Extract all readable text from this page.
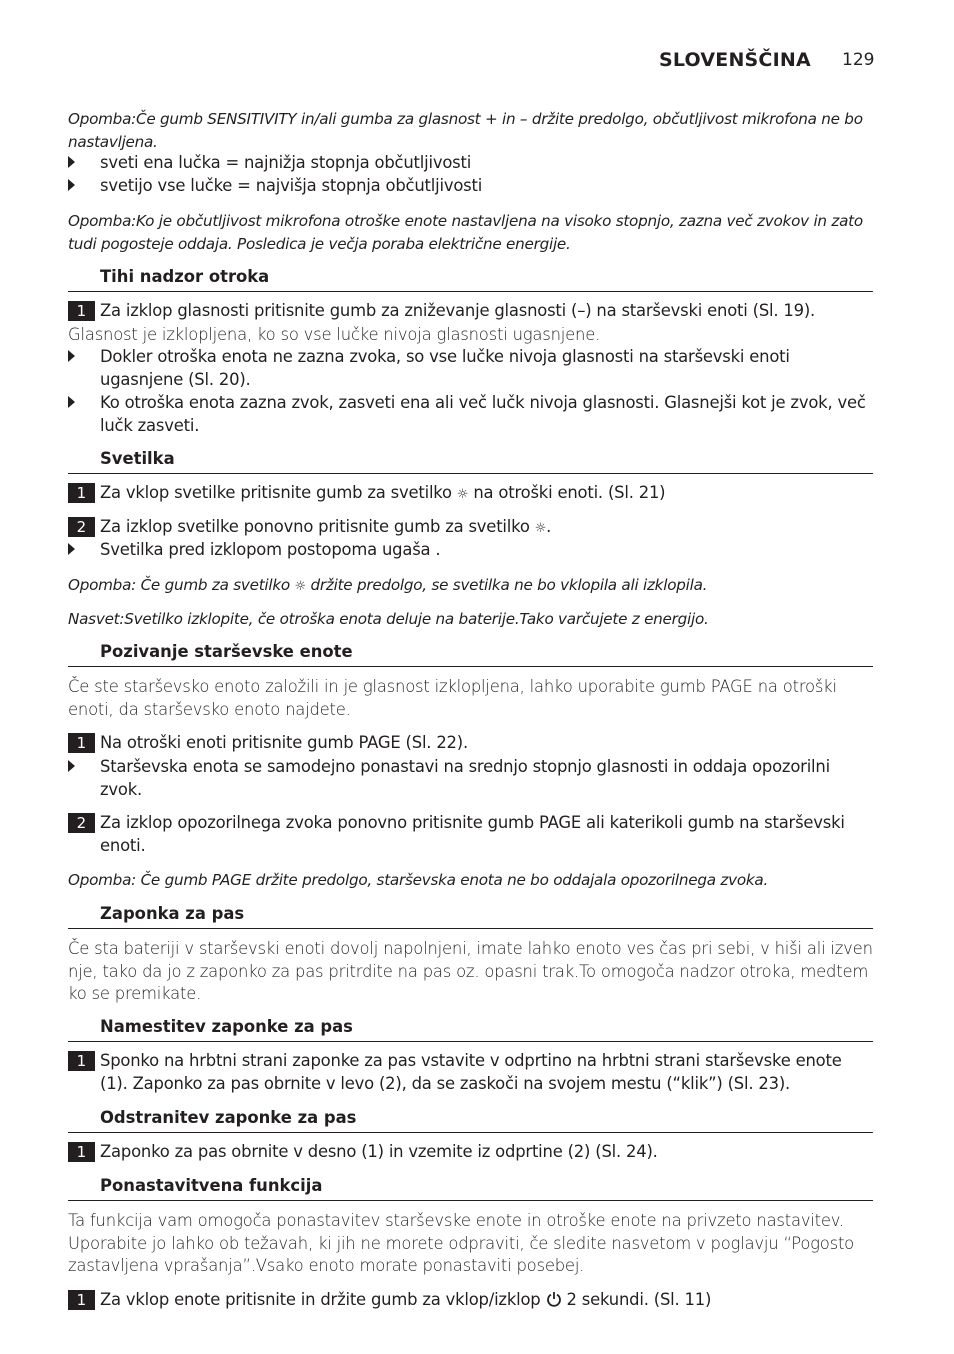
SLOVENŠČINA 129
Opomba:Če gumb SENSITIVITY in/ali gumba za glasnost + in – držite predolgo, občutljivost mikrofona ne bo nastavljena.
sveti ena lučka = najnižja stopnja občutljivosti
svetijo vse lučke = najvišja stopnja občutljivosti
Opomba:Ko je občutljivost mikrofona otroške enote nastavljena na visoko stopnjo, zazna več zvokov in zato tudi pogosteje oddaja. Posledica je večja poraba električne energije.
Tihi nadzor otroka
1 Za izklop glasnosti pritisnite gumb za zniževanje glasnosti (–) na starševski enoti (Sl. 19).
Glasnost je izklopljena, ko so vse lučke nivoja glasnosti ugasnjene.
Dokler otroška enota ne zazna zvoka, so vse lučke nivoja glasnosti na starševski enoti ugasnjene (Sl. 20).
Ko otroška enota zazna zvok, zasveti ena ali več lučk nivoja glasnosti. Glasnejši kot je zvok, več lučk zasveti.
Svetilka
1 Za vklop svetilke pritisnite gumb za svetilko ☼ na otroški enoti. (Sl. 21)
2 Za izklop svetilke ponovno pritisnite gumb za svetilko ☼.
Svetilka pred izklopom postopoma ugaša .
Opomba: Če gumb za svetilko ☼ držite predolgo, se svetilka ne bo vklopila ali izklopila.
Nasvet:Svetilko izklopite, če otroška enota deluje na baterije.Tako varčujete z energijo.
Pozivanje starševske enote
Če ste starševsko enoto založili in je glasnost izklopljena, lahko uporabite gumb PAGE na otroški enoti, da starševsko enoto najdete.
1 Na otroški enoti pritisnite gumb PAGE (Sl. 22).
Starševska enota se samodejno ponastavi na srednjo stopnjo glasnosti in oddaja opozorilni zvok.
2 Za izklop opozorilnega zvoka ponovno pritisnite gumb PAGE ali katerikoli gumb na starševski enoti.
Opomba: Če gumb PAGE držite predolgo, starševska enota ne bo oddajala opozorilnega zvoka.
Zaponka za pas
Če sta bateriji v starševski enoti dovolj napolnjeni, imate lahko enoto ves čas pri sebi, v hiši ali izven nje, tako da jo z zaponko za pas pritrdite na pas oz. opasni trak.To omogoča nadzor otroka, medtem ko se premikate.
Namestitev zaponke za pas
1 Sponko na hrbtni strani zaponke za pas vstavite v odprtino na hrbtni strani starševske enote (1). Zaponko za pas obrnite v levo (2), da se zaskoči na svojem mestu (“klik”) (Sl. 23).
Odstranitev zaponke za pas
1 Zaponko za pas obrnite v desno (1) in vzemite iz odprtine (2) (Sl. 24).
Ponastavitvena funkcija
Ta funkcija vam omogoča ponastavitev starševske enote in otroške enote na privzeto nastavitev. Uporabite jo lahko ob težavah, ki jih ne morete odpraviti, če sledite nasvetom v poglavju “Pogosto zastavljena vprašanja”.Vsako enoto morate ponastaviti posebej.
1 Za vklop enote pritisnite in držite gumb za vklop/izklop 2 sekundi. (Sl. 11)
